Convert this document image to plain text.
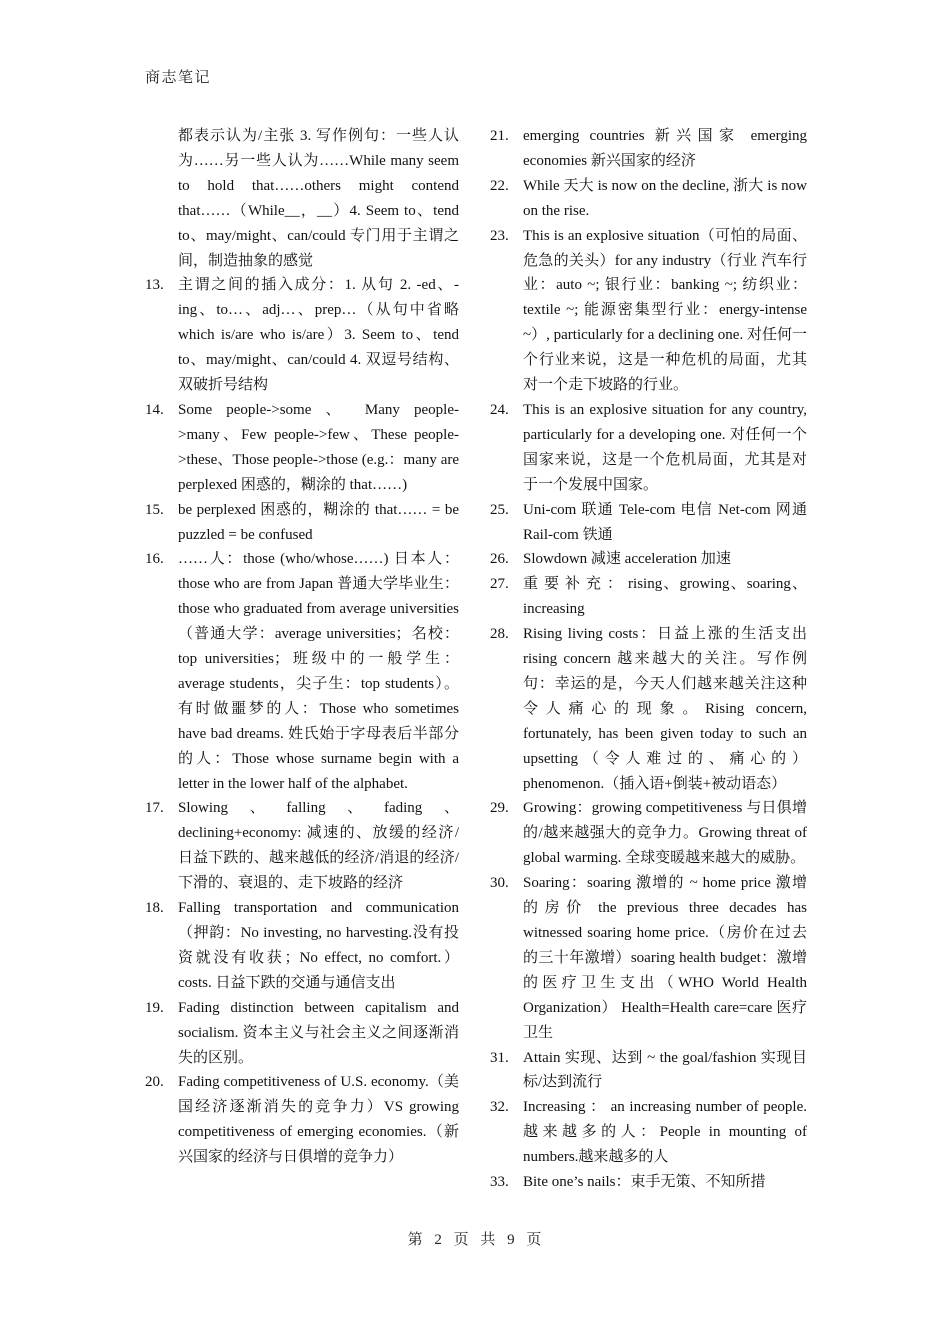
商志笔记

都表示认为/主张 3. 写作例句：一些人认为……另一些人认为……While many seem to hold that……others might contend that……（While__，__）4. Seem to、tend to、may/might、can/could 专门用于主谓之间，制造抽象的感觉

13. 主谓之间的插入成分：1. 从句 2. -ed、-ing、to…、adj…、prep…（从句中省略 which is/are who is/are）3. Seem to、tend to、may/might、can/could 4. 双逗号结构、双破折号结构
14. Some people->some 、 Many people->many、Few people->few、These people->these、Those people->those (e.g.：many are perplexed 困惑的，糊涂的 that……)
15. be perplexed 困惑的，糊涂的 that…… = be puzzled = be confused
16. ……人：those (who/whose……) 日本人：those who are from Japan 普通大学毕业生：those who graduated from average universities（普通大学：average universities；名校：top universities；班级中的一般学生：average students，尖子生：top students）。 有时做噩梦的人：Those who sometimes have bad dreams. 姓氏始于字母表后半部分的人：Those whose surname begin with a letter in the lower half of the alphabet.
17. Slowing、falling、fading、declining+economy: 减速的、放缓的经济/日益下跌的、越来越低的经济/消退的经济/下滑的、衰退的、走下坡路的经济
18. Falling transportation and communication（押韵：No investing, no harvesting.没有投资就没有收获；No effect, no comfort.）costs. 日益下跌的交通与通信支出
19. Fading distinction between capitalism and socialism. 资本主义与社会主义之间逐渐消失的区别。
20. Fading competitiveness of U.S. economy.（美国经济逐渐消失的竞争力）VS growing competitiveness of emerging economies.（新兴国家的经济与日俱增的竞争力）
21. emerging countries 新兴国家 emerging economies 新兴国家的经济
22. While 天大 is now on the decline, 浙大 is now on the rise.
23. This is an explosive situation（可怕的局面、危急的关头）for any industry（行业 汽车行业：auto ~; 银行业：banking ~; 纺织业：textile ~; 能源密集型行业：energy-intense ~）, particularly for a declining one. 对任何一个行业来说，这是一种危机的局面，尤其对一个走下坡路的行业。
24. This is an explosive situation for any country, particularly for a developing one. 对任何一个国家来说，这是一个危机局面，尤其是对于一个发展中国家。
25. Uni-com 联通 Tele-com 电信 Net-com 网通 Rail-com 铁通
26. Slowdown 减速 acceleration 加速
27. 重 要 补 充 ： rising、growing、soaring、increasing
28. Rising living costs：日益上涨的生活支出 rising concern 越来越大的关注。写作例句：幸运的是，今天人们越来越关注这种令人痛心的现象。Rising concern, fortunately, has been given today to such an upsetting（令人难过的、痛心的）phenomenon.（插入语+倒装+被动语态）
29. Growing：growing competitiveness 与日俱增的/越来越强大的竞争力。Growing threat of global warming. 全球变暖越来越大的威胁。
30. Soaring：soaring 激增的 ~ home price 激增的房价 the previous three decades has witnessed soaring home price.（房价在过去的三十年激增）soaring health budget：激增的医疗卫生支出（WHO World Health Organization） Health=Health care=care 医疗卫生
31. Attain 实现、达到 ~ the goal/fashion 实现目标/达到流行
32. Increasing ： an increasing number of people.越来越多的人：People in mounting of numbers.越来越多的人
33. Bite one’s nails：束手无策、不知所措
第 2 页 共 9 页
